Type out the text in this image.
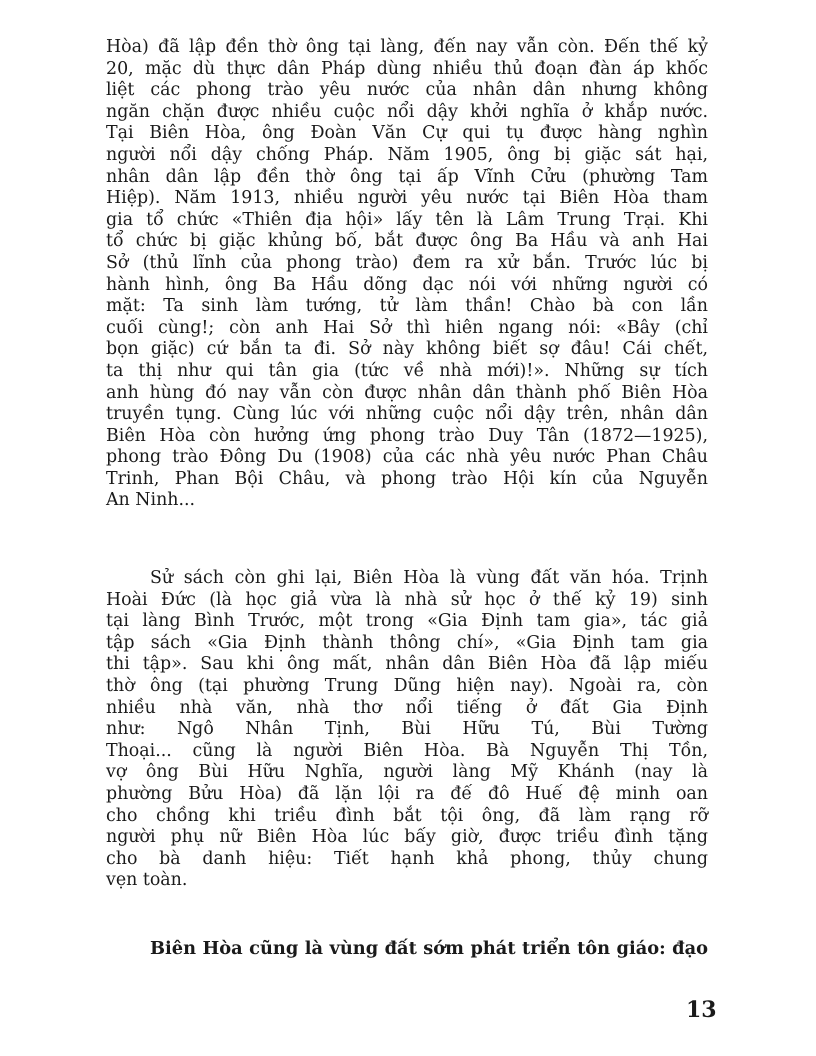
Hòa) đã lập đền thờ ông tại làng, đến nay vẫn còn. Đến thế kỷ
20, mặc dù thực dân Pháp dùng nhiều thủ đoạn đàn áp khốc
liệt các phong trào yêu nước của nhân dân nhưng không
ngăn chặn được nhiều cuộc nổi dậy khởi nghĩa ở khắp nước.
Tại Biên Hòa, ông Đoàn Văn Cự qui tụ được hàng nghìn
người nổi dậy chống Pháp. Năm 1905, ông bị giặc sát hại,
nhân dân lập đền thờ ông tại ấp Vĩnh Cửu (phường Tam
Hiệp). Năm 1913, nhiều người yêu nước tại Biên Hòa tham
gia tổ chức «Thiên địa hội» lấy tên là Lâm Trung Trại. Khi
tổ chức bị giặc khủng bố, bắt được ông Ba Hầu và anh Hai
Sở (thủ lĩnh của phong trào) đem ra xử bắn. Trước lúc bị
hành hình, ông Ba Hầu dõng dạc nói với những người có
mặt: Ta sinh làm tướng, tử làm thần! Chào bà con lần
cuối cùng!; còn anh Hai Sở thì hiên ngang nói: «Bây (chỉ
bọn giặc) cứ bắn ta đi. Sở này không biết sợ đâu! Cái chết,
ta thị như qui tân gia (tức về nhà mới)!». Những sự tích
anh hùng đó nay vẫn còn được nhân dân thành phố Biên Hòa
truyền tụng. Cùng lúc với những cuộc nổi dậy trên, nhân dân
Biên Hòa còn hưởng ứng phong trào Duy Tân (1872—1925),
phong trào Đông Du (1908) của các nhà yêu nước Phan Châu
Trinh, Phan Bội Châu, và phong trào Hội kín của Nguyễn
An Ninh...
Sử sách còn ghi lại, Biên Hòa là vùng đất văn hóa. Trịnh
Hoài Đức (là học giả vừa là nhà sử học ở thế kỷ 19) sinh
tại làng Bình Trước, một trong «Gia Định tam gia», tác giả
tập sách «Gia Định thành thông chí», «Gia Định tam gia
thi tập». Sau khi ông mất, nhân dân Biên Hòa đã lập miếu
thờ ông (tại phường Trung Dũng hiện nay). Ngoài ra, còn
nhiều nhà văn, nhà thơ nổi tiếng ở đất Gia Định
như: Ngô Nhân Tịnh, Bùi Hữu Tú, Bùi Tường
Thoại... cũng là người Biên Hòa. Bà Nguyễn Thị Tồn,
vợ ông Bùi Hữu Nghĩa, người làng Mỹ Khánh (nay là
phường Bửu Hòa) đã lặn lội ra đế đô Huế đệ minh oan
cho chồng khi triều đình bắt tội ông, đã làm rạng rỡ
người phụ nữ Biên Hòa lúc bấy giờ, được triều đình tặng
cho bà danh hiệu: Tiết hạnh khả phong, thủy chung
vẹn toàn.
Biên Hòa cũng là vùng đất sớm phát triển tôn giáo: đạo
13
